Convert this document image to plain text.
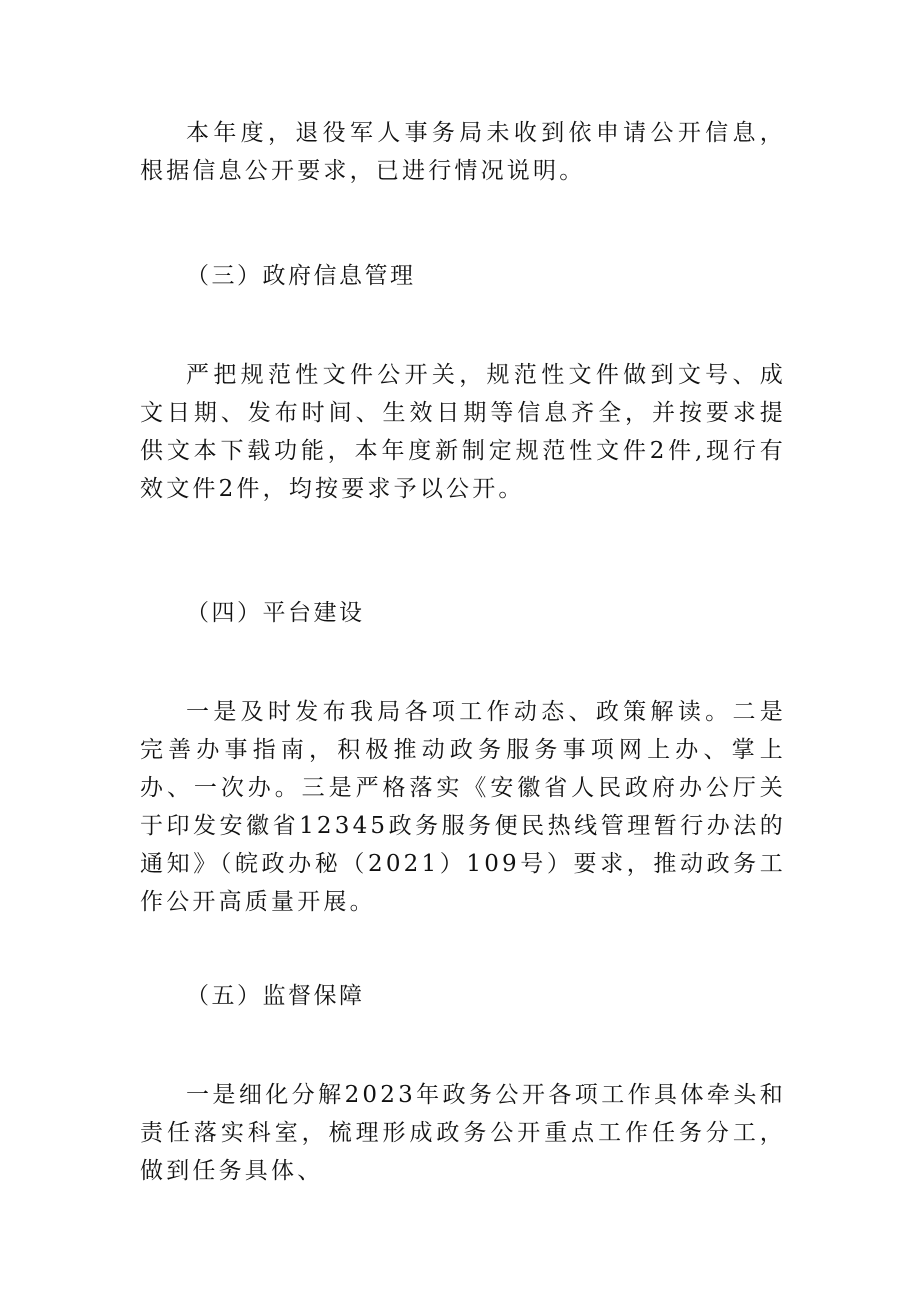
本年度，退役军人事务局未收到依申请公开信息，根据信息公开要求，已进行情况说明。

（三）政府信息管理

严把规范性文件公开关，规范性文件做到文号、成文日期、发布时间、生效日期等信息齐全，并按要求提供文本下载功能，本年度新制定规范性文件2件,现行有效文件2件，均按要求予以公开。

（四）平台建设

一是及时发布我局各项工作动态、政策解读。二是完善办事指南，积极推动政务服务事项网上办、掌上办、一次办。三是严格落实《安徽省人民政府办公厅关于印发安徽省12345政务服务便民热线管理暂行办法的通知》（皖政办秘（2021）109号）要求，推动政务工作公开高质量开展。

（五）监督保障

一是细化分解2023年政务公开各项工作具体牵头和责任落实科室，梳理形成政务公开重点工作任务分工，做到任务具体、
